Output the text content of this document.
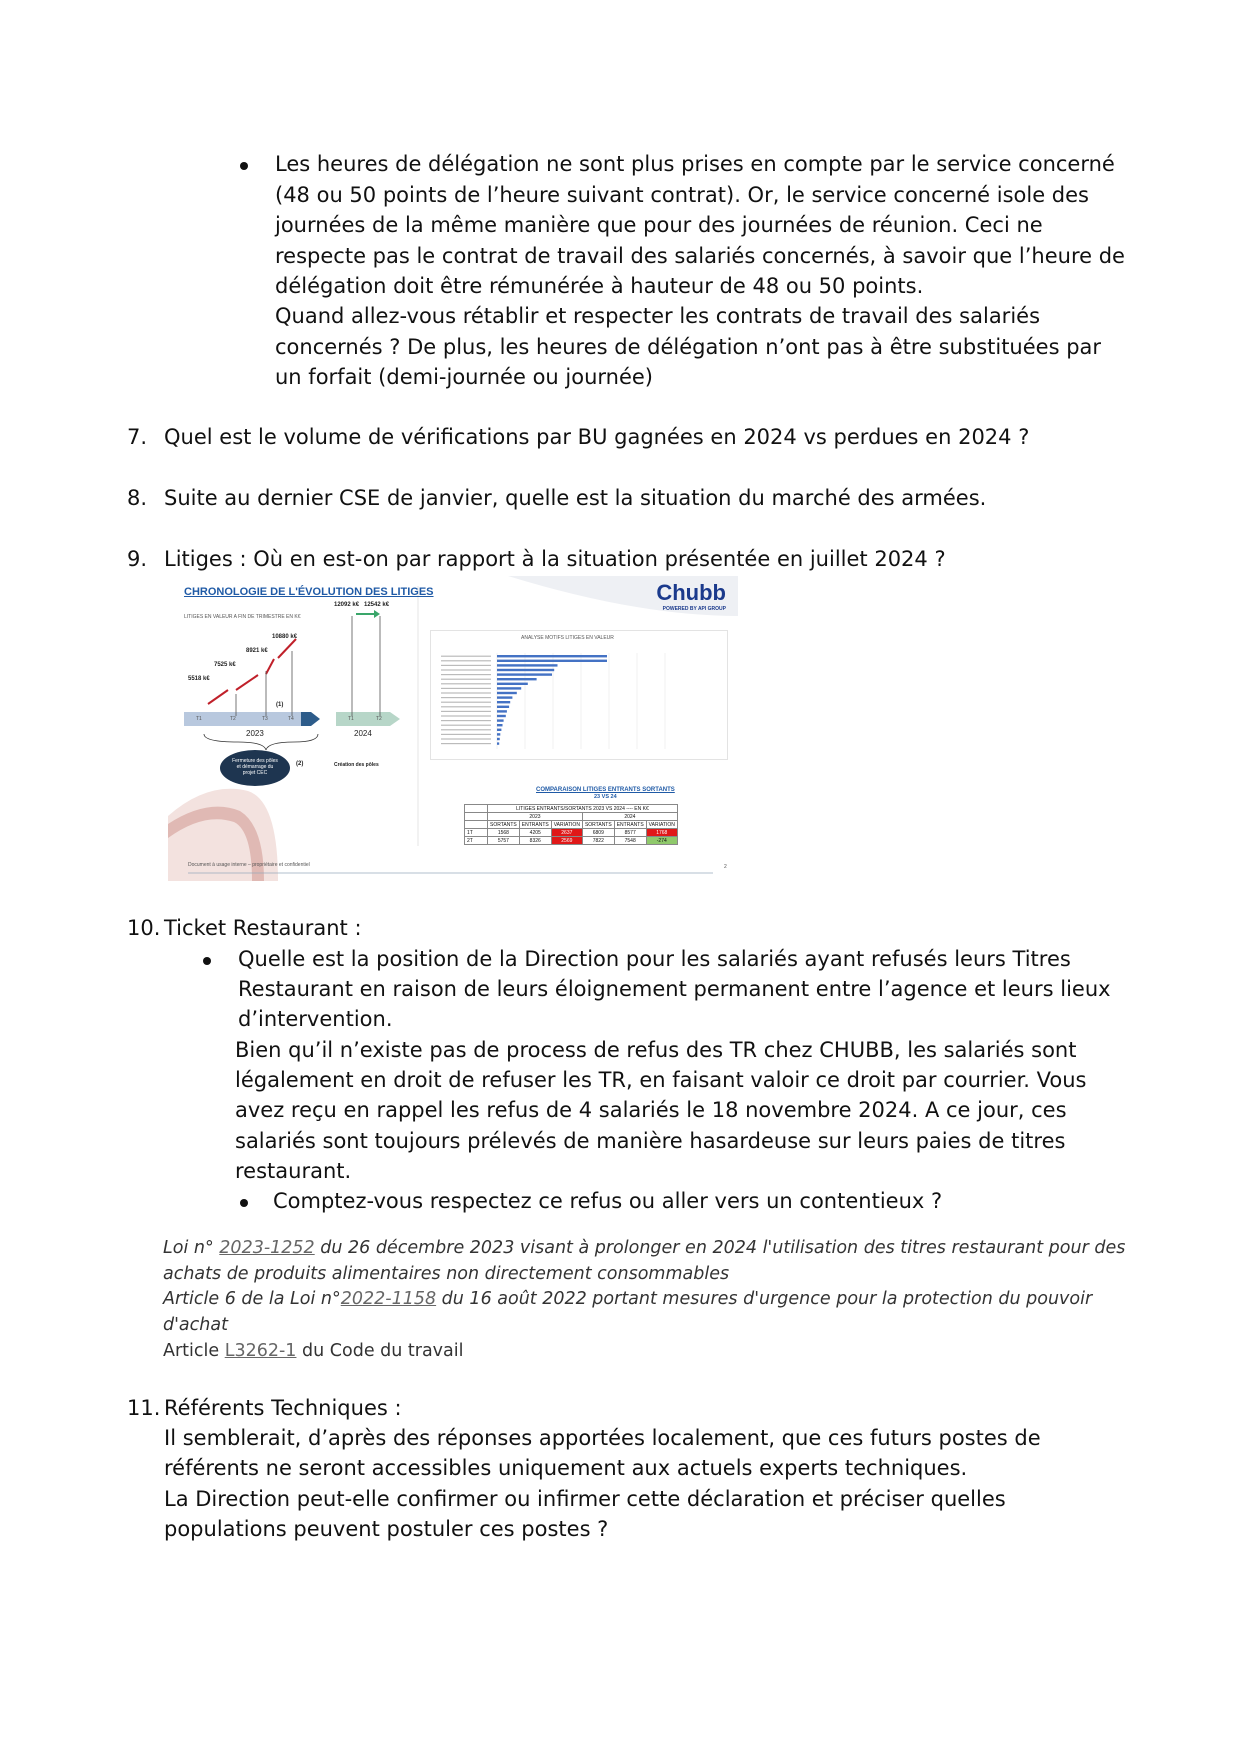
Les heures de délégation ne sont plus prises en compte par le service concerné
(48 ou 50 points de l’heure suivant contrat). Or, le service concerné isole des
journées de la même manière que pour des journées de réunion. Ceci ne
respecte pas le contrat de travail des salariés concernés, à savoir que l’heure de
délégation doit être rémunérée à hauteur de 48 ou 50 points.
Quand allez-vous rétablir et respecter les contrats de travail des salariés
concernés ? De plus, les heures de délégation n’ont pas à être substituées par
un forfait (demi-journée ou journée)
7. Quel est le volume de vérifications par BU gagnées en 2024 vs perdues en 2024 ?
8. Suite au dernier CSE de janvier, quelle est la situation du marché des armées.
9. Litiges : Où en est-on par rapport à la situation présentée en juillet 2024 ?
CHRONOLOGIE DE L'ÉVOLUTION DES LITIGES	Chubb
POWERED BY API GROUP
LITIGES EN VALEUR A FIN DE TRIMESTRE EN K€
5518 k€
7525 k€
8921 k€
10880 k€
12092 k€ 12542 k€
T1	T2	T3	T4	T1	T2
(1)
2023	2024
Fermeture des pôles et démarrage du projet CEC
(2)	Création des pôles
ANALYSE MOTIFS LITIGES EN VALEUR
COMPARAISON LITIGES ENTRANTS SORTANTS
23 VS 24
	LITIGES ENTRANTS/SORTANTS 2023 VS 2024 ---- EN K€					
	2023			2024		
	SORTANTS	ENTRANTS	VARIATION	SORTANTS	ENTRANTS	VARIATION
1T	1568	4205	2637	6809	8577	1768
2T	5757	8326	2569	7822	7548	-274
Document à usage interne – propriétaire et confidentiel	2
10. Ticket Restaurant :
Quelle est la position de la Direction pour les salariés ayant refusés leurs Titres
Restaurant en raison de leurs éloignement permanent entre l’agence et leurs lieux
d’intervention.
Bien qu’il n’existe pas de process de refus des TR chez CHUBB, les salariés sont
légalement en droit de refuser les TR, en faisant valoir ce droit par courrier. Vous
avez reçu en rappel les refus de 4 salariés le 18 novembre 2024. A ce jour, ces
salariés sont toujours prélevés de manière hasardeuse sur leurs paies de titres
restaurant.
Comptez-vous respectez ce refus ou aller vers un contentieux ?
Loi n° 2023-1252 du 26 décembre 2023 visant à prolonger en 2024 l'utilisation des titres restaurant pour des
achats de produits alimentaires non directement consommables
Article 6 de la Loi n°2022-1158 du 16 août 2022 portant mesures d'urgence pour la protection du pouvoir
d'achat
Article L3262-1 du Code du travail
11. Référents Techniques :
Il semblerait, d’après des réponses apportées localement, que ces futurs postes de
référents ne seront accessibles uniquement aux actuels experts techniques.
La Direction peut-elle confirmer ou infirmer cette déclaration et préciser quelles
populations peuvent postuler ces postes ?
